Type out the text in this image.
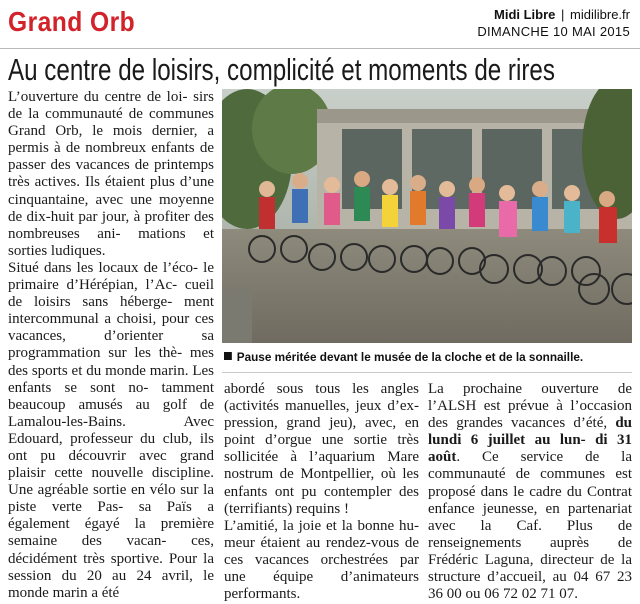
Grand Orb	Midi Libre | midilibre.fr
DIMANCHE 10 MAI 2015
Au centre de loisirs, complicité et moments de rires

L’ouverture du centre de loi- sirs de la communauté de communes Grand Orb, le mois dernier, a permis à de nombreux enfants de passer des vacances de printemps très actives. Ils étaient plus d’une cinquantaine, avec une moyenne de dix-huit par jour, à profiter des nombreuses ani- mations et sorties ludiques.

Situé dans les locaux de l’éco- le primaire d’Hérépian, l’Ac- cueil de loisirs sans héberge- ment intercommunal a choisi, pour ces vacances, d’orienter sa programmation sur les thè- mes des sports et du monde marin. Les enfants se sont no- tamment beaucoup amusés au golf de Lamalou-les-Bains. Avec Edouard, professeur du club, ils ont pu découvrir avec grand plaisir cette nouvelle discipline. Une agréable sortie en vélo sur la piste verte Pas- sa Païs a également égayé la première semaine des vacan- ces, décidément très sportive. Pour la session du 20 au 24 avril, le monde marin a été

Pause méritée devant le musée de la cloche et de la sonnaille.

abordé sous tous les angles (activités manuelles, jeux d’ex- pression, grand jeu), avec, en point d’orgue une sortie très sollicitée à l’aquarium Mare nostrum de Montpellier, où les enfants ont pu contempler des (terrifiants) requins !

L’amitié, la joie et la bonne hu- meur étaient au rendez-vous de ces vacances orchestrées par une équipe d’animateurs performants.

La prochaine ouverture de l’ALSH est prévue à l’occasion des grandes vacances d’été, du lundi 6 juillet au lun- di 31 août. Ce service de la communauté de communes est proposé dans le cadre du Contrat enfance jeunesse, en partenariat avec la Caf. Plus de renseignements auprès de Frédéric Laguna, directeur de la structure d’accueil, au 04 67 23 36 00 ou 06 72 02 71 07.
